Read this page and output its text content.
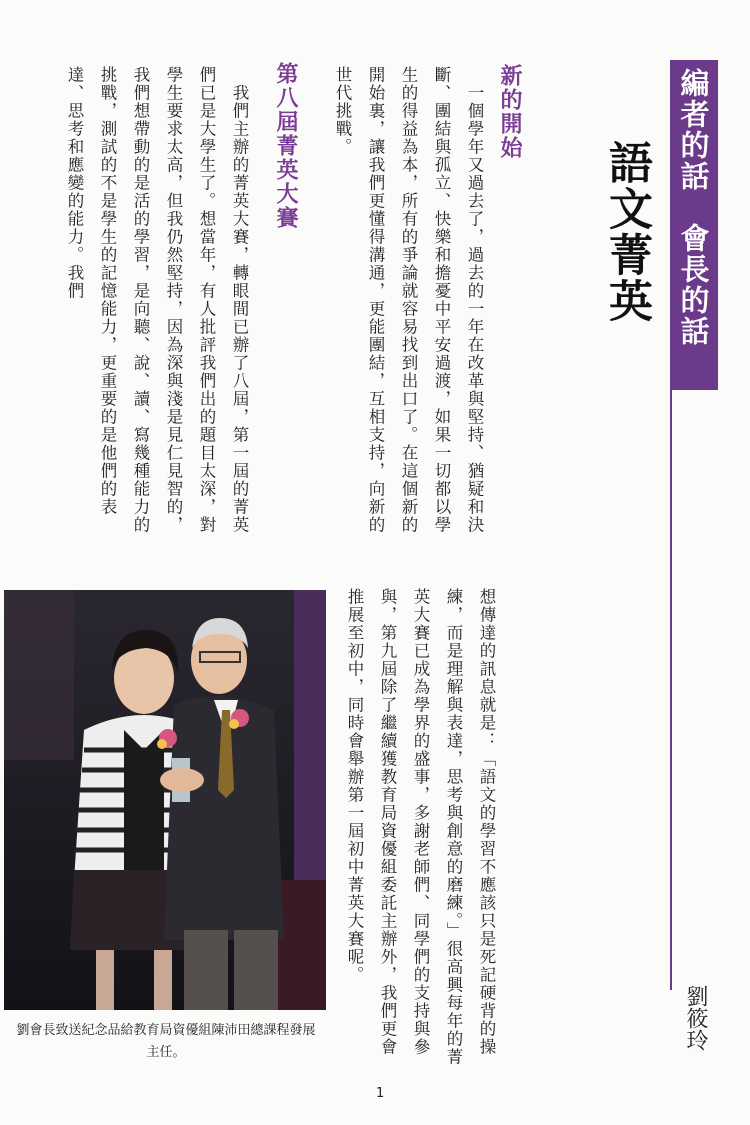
編者的話　會長的話
語文菁英
新的開始
　一個學年又過去了，過去的一年在改革與堅持、猶疑和決斷、團結與孤立、快樂和擔憂中平安過渡，如果一切都以學生的得益為本，所有的爭論就容易找到出口了。在這個新的開始裏，讓我們更懂得溝通，更能團結，互相支持，向新的世代挑戰。
第八屆菁英大賽
　我們主辦的菁英大賽，轉眼間已辦了八屆，第一屆的菁英們已是大學生了。想當年，有人批評我們出的題目太深，對學生要求太高，但我仍然堅持，因為深與淺是見仁見智的，我們想帶動的是活的學習，是向聽、說、讀、寫幾種能力的挑戰，測試的不是學生的記憶能力，更重要的是他們的表達、思考和應變的能力。我們
想傳達的訊息就是：「語文的學習不應該只是死記硬背的操練，而是理解與表達，思考與創意的磨練。」很高興每年的菁英大賽已成為學界的盛事，多謝老師們、同學們的支持與參與，第九屆除了繼續獲教育局資優組委託主辦外，我們更會推展至初中，同時會舉辦第一屆初中菁英大賽呢。
劉會長致送紀念品給教育局資優組陳沛田總課程發展主任。
劉筱玲
1
